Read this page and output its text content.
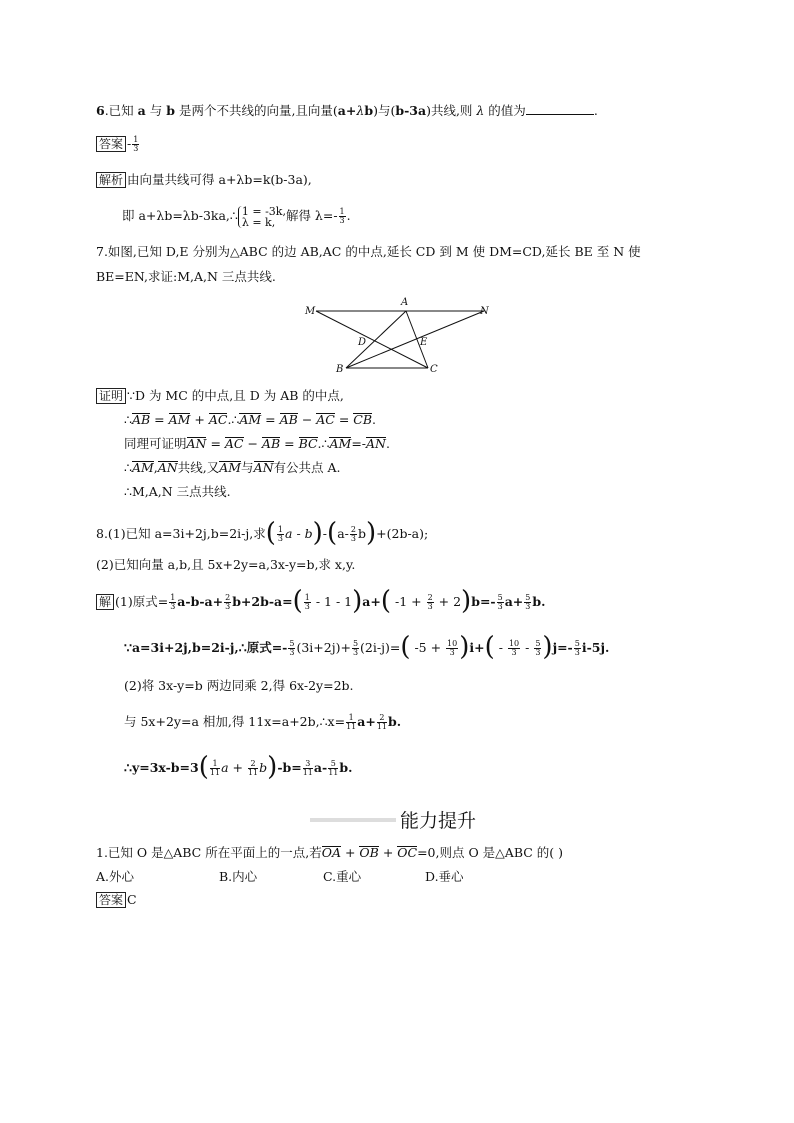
6.已知 a 与 b 是两个不共线的向量,且向量(a+λb)与(b-3a)共线,则 λ 的值为	.
答案 - $\frac{1}{3}$
解析 由向量共线可得 a+λb=k(b-3a),
即 a+λb=λb-3ka,∴ 1 = -3k,
λ = k, 解得 $\lambda=- \frac{1}{3}$ .
7.如图,已知 D,E 分别为△ABC 的边 AB,AC 的中点,延长 CD 到 M 使 DM=CD,延长 BE 至 N 使
BE=EN,求证:M,A,N 三点共线.
M
A
N
D	E
B	C
证明 ∵D 为 MC 的中点,且 D 为 AB 的中点,
∴AB = AM + AC.∴AM = AB − AC = CB.
同理可证明AN = AC − AB = BC.∴AM=-AN.
∴AM,AN共线,又AM与AN有公共点 A.
∴M,A,N 三点共线.
8.(1)已知 a=3i+2j,b=2i-j,求( $\frac{1}{3}$ $a - b)-(a- \frac{2}{3} b)+(2b-a)$;
(2)已知向量 a,b,且 5x+2y=a,3x-y=b,求 x,y.
解 (1)原式= $\frac{1}{3} a-b-a+ \frac{2}{3} b+2b-a=( \frac{1}{3} - 1 - 1)a+$( $-1 + \frac{2}{3} + 2)b=- \frac{5}{3} a+ \frac{5}{3} b$.
∵a=3i+2j,b=2i-j,∴原式=- $\frac{5}{3} (3i+2j)+ \frac{5}{3} (2i-j)=$( $-5 + \frac{10}{3} )i+( - \frac{10}{3} - \frac{5}{3} )j=- \frac{5}{3} i-5j$.
(2)将 3x-y=b 两边同乘 2,得 6x-2y=2b.
与 5x+2y=a 相加,得 11x=a+2b,∴x= $\frac{1}{11} a+ \frac{2}{11} b$.
∴y=3x-b=3( $\frac{1}{11}$ $a + \frac{2}{11} b)-b= \frac{3}{11} a- \frac{5}{11} b$.
能力提升
1.已知 O 是△ABC 所在平面上的一点,若OA + OB + OC=0,则点 O 是△ABC 的( )
A.外心	B.内心	C.重心	D.垂心
答案 C
